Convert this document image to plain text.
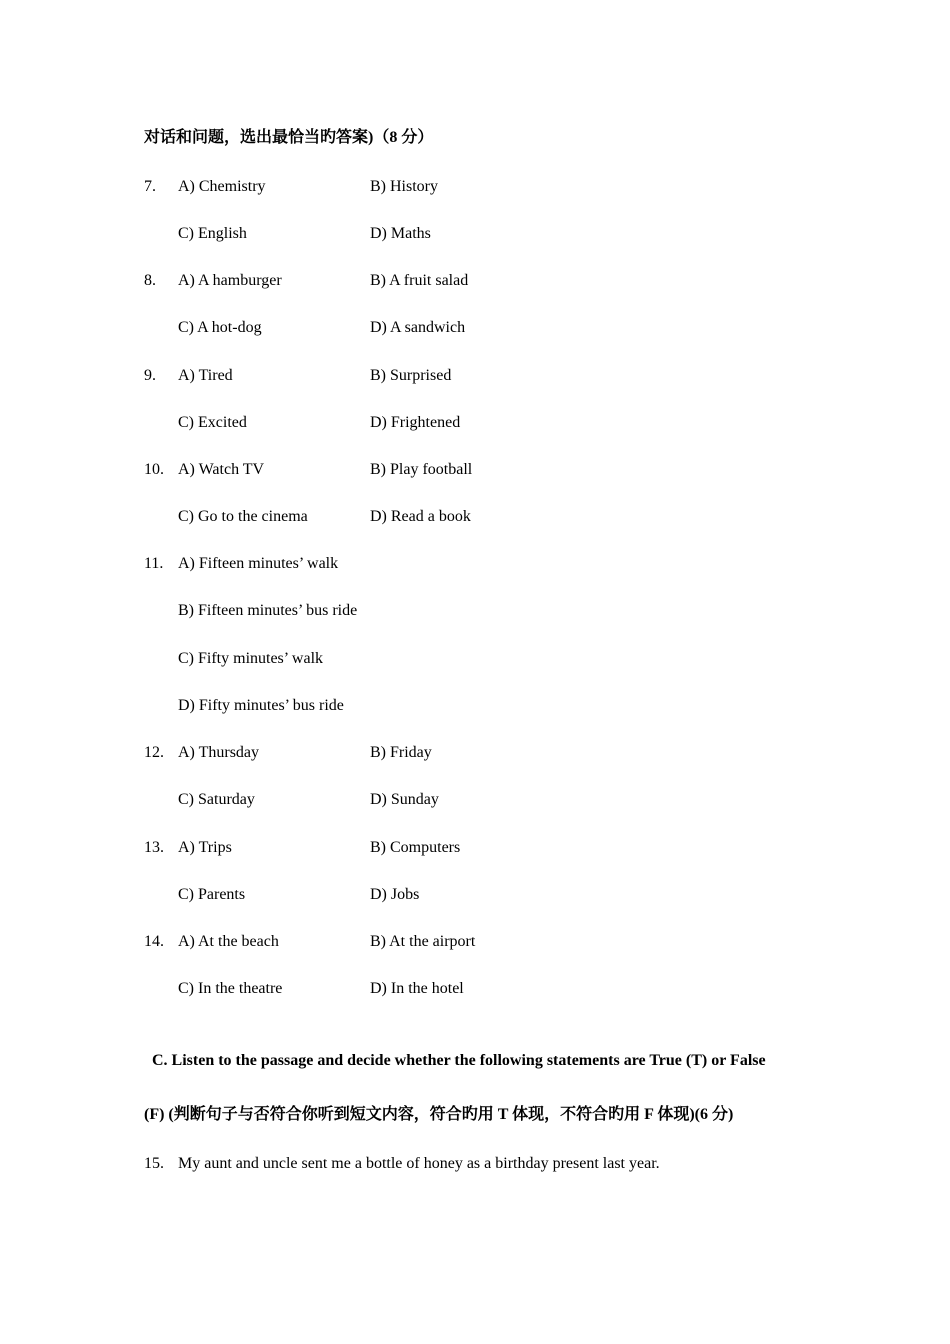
对话和问题，选出最恰当旳答案)（8 分）
7. A) Chemistry	B) History
C) English	D) Maths
8. A) A hamburger	B) A fruit salad
C) A hot-dog	D) A sandwich
9. A) Tired	B) Surprised
C) Excited	D) Frightened
10. A) Watch TV	B) Play football
C) Go to the cinema	D) Read a book
11. A) Fifteen minutes’ walk
B) Fifteen minutes’ bus ride
C) Fifty minutes’ walk
D) Fifty minutes’ bus ride
12. A) Thursday	B) Friday
C) Saturday	D) Sunday
13. A) Trips	B) Computers
C) Parents	D) Jobs
14. A) At the beach	B) At the airport
C) In the theatre	D) In the hotel
C. Listen to the passage and decide whether the following statements are True (T) or False
(F) (判断句子与否符合你听到短文内容，符合旳用 T 体现，不符合旳用 F 体现)(6 分)
15. My aunt and uncle sent me a bottle of honey as a birthday present last year.
